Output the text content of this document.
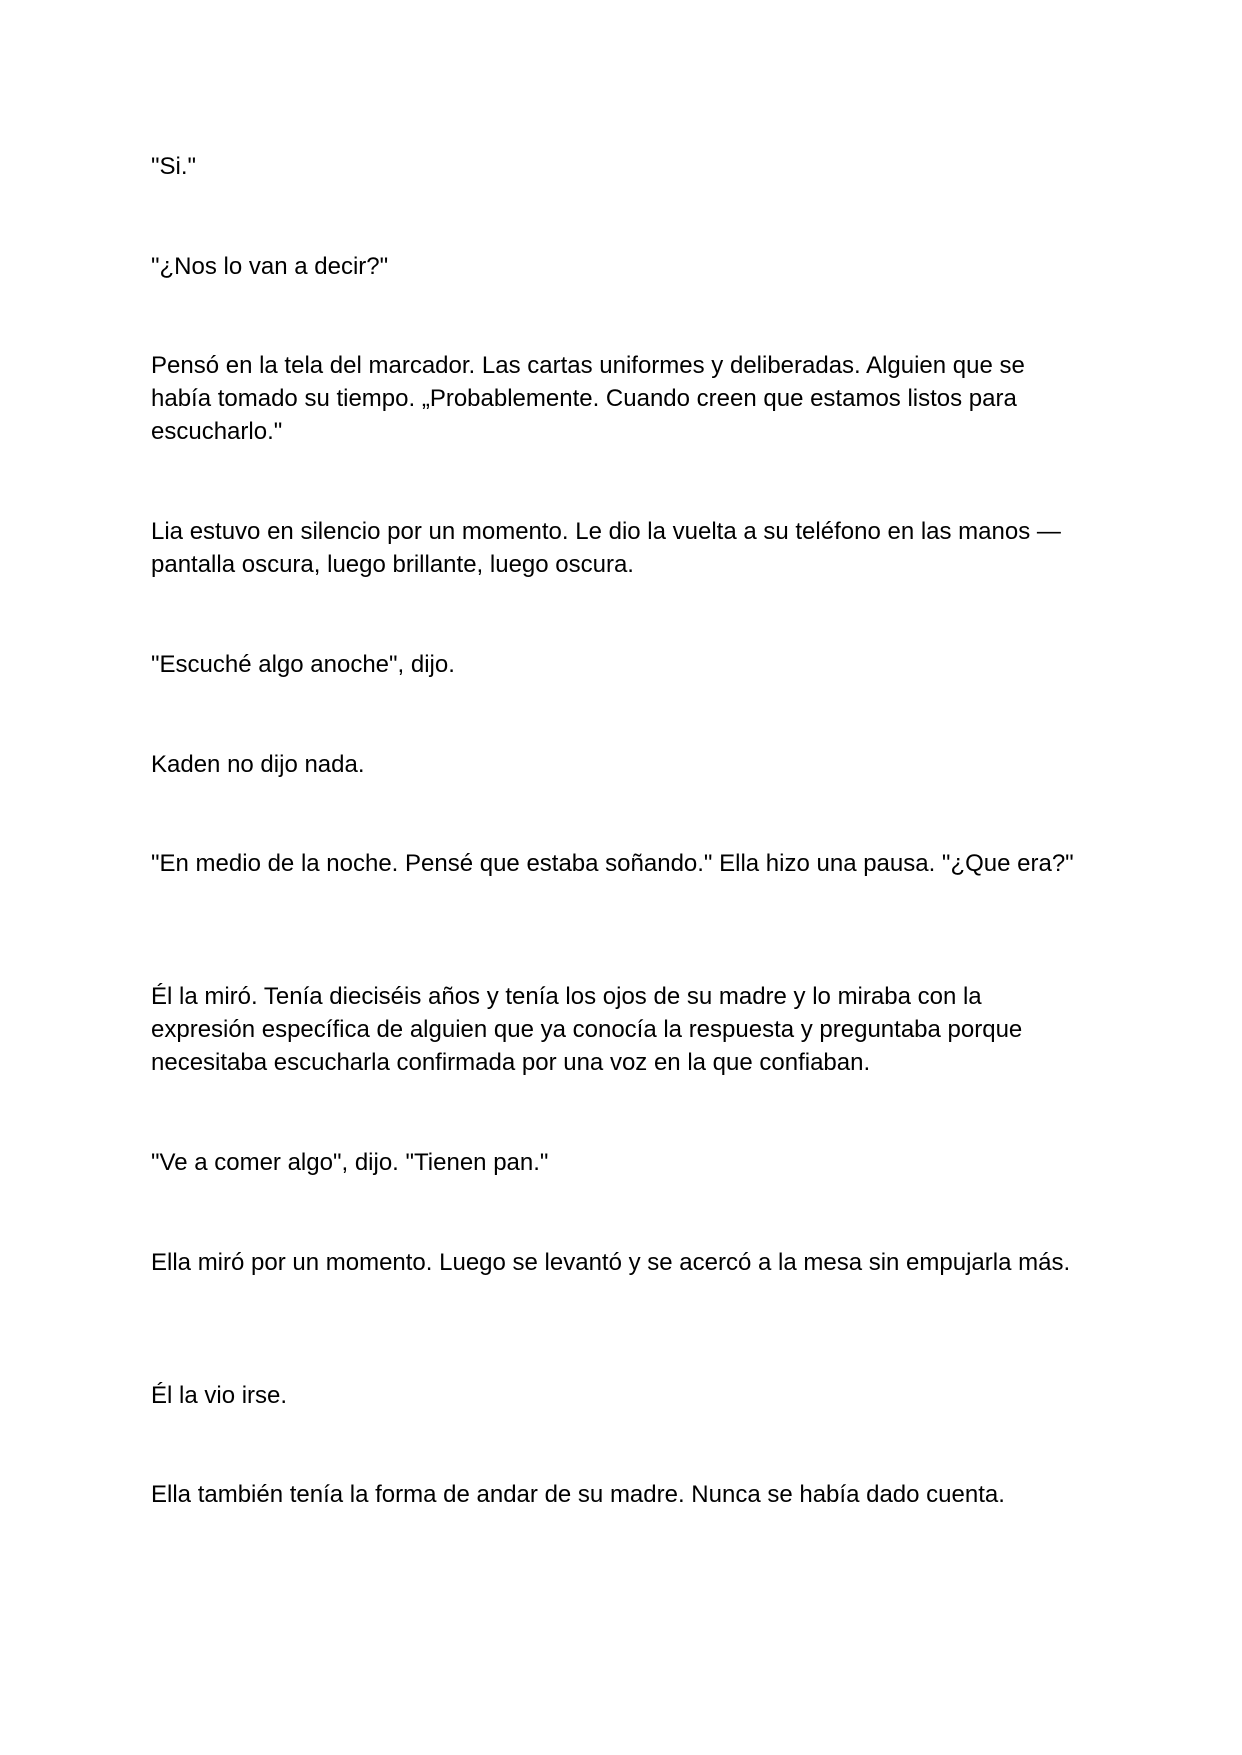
"Si."

"¿Nos lo van a decir?"

Pensó en la tela del marcador. Las cartas uniformes y deliberadas. Alguien que se había tomado su tiempo. „Probablemente. Cuando creen que estamos listos para escucharlo."

Lia estuvo en silencio por un momento. Le dio la vuelta a su teléfono en las manos — pantalla oscura, luego brillante, luego oscura.

"Escuché algo anoche", dijo.

Kaden no dijo nada.

"En medio de la noche. Pensé que estaba soñando." Ella hizo una pausa. "¿Que era?"

Él la miró. Tenía dieciséis años y tenía los ojos de su madre y lo miraba con la expresión específica de alguien que ya conocía la respuesta y preguntaba porque necesitaba escucharla confirmada por una voz en la que confiaban.

"Ve a comer algo", dijo. "Tienen pan."

Ella miró por un momento. Luego se levantó y se acercó a la mesa sin empujarla más.

Él la vio irse.

Ella también tenía la forma de andar de su madre. Nunca se había dado cuenta.
